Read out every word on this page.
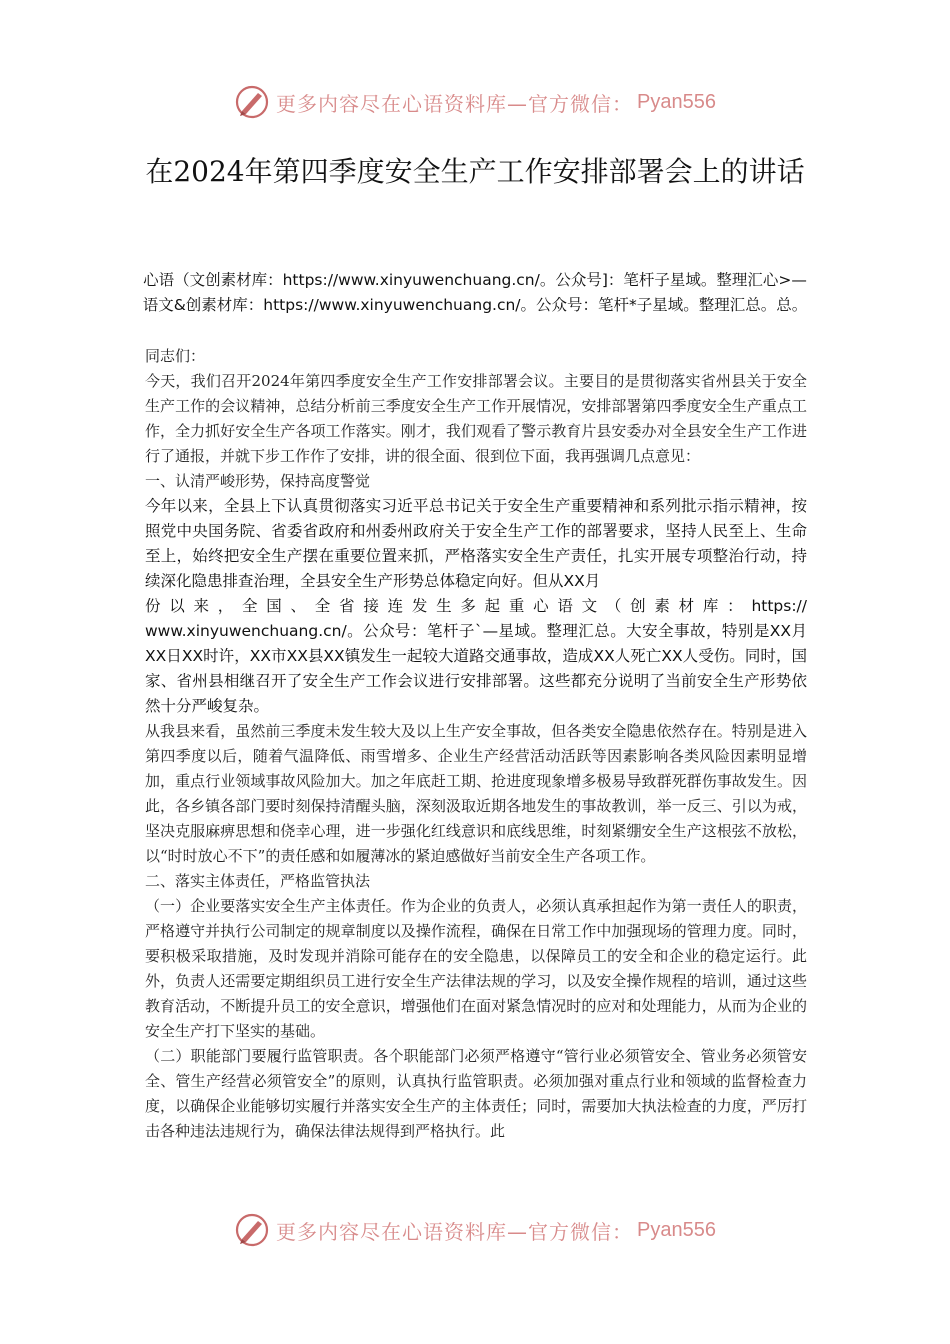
更多内容尽在心语资料库—官方微信： Pyan556
在2024年第四季度安全生产工作安排部署会上的讲话
心语（文创素材库：https://www.xinyuwenchuang.cn/。公众号]：笔杆子星域。整理汇心>—语文&创素材库：https://www.xinyuwenchuang.cn/。公众号：笔杆*子星域。整理汇总。总。

同志们：

今天，我们召开2024年第四季度安全生产工作安排部署会议。主要目的是贯彻落实省州县关于安全生产工作的会议精神，总结分析前三季度安全生产工作开展情况，安排部署第四季度安全生产重点工作，全力抓好安全生产各项工作落实。刚才，我们观看了警示教育片县安委办对全县安全生产工作进行了通报，并就下步工作作了安排，讲的很全面、很到位下面，我再强调几点意见：

一、认清严峻形势，保持高度警觉

今年以来，全县上下认真贯彻落实习近平总书记关于安全生产重要精神和系列批示指示精神，按照党中央国务院、省委省政府和州委州政府关于安全生产工作的部署要求，坚持人民至上、生命至上，始终把安全生产摆在重要位置来抓，严格落实安全生产责任，扎实开展专项整治行动，持续深化隐患排查治理，全县安全生产形势总体稳定向好。但从XX月
份以来，全国、全省接连发生多起重心语文（创素材库：https://
www.xinyuwenchuang.cn/。公众号：笔杆子`—星域。整理汇总。大安全事故，特别是XX月XX日XX时许，XX市XX县XX镇发生一起较大道路交通事故，造成XX人死亡XX人受伤。同时，国家、省州县相继召开了安全生产工作会议进行安排部署。这些都充分说明了当前安全生产形势依然十分严峻复杂。

从我县来看，虽然前三季度未发生较大及以上生产安全事故，但各类安全隐患依然存在。特别是进入第四季度以后，随着气温降低、雨雪增多、企业生产经营活动活跃等因素影响各类风险因素明显增加，重点行业领域事故风险加大。加之年底赶工期、抢进度现象增多极易导致群死群伤事故发生。因此，各乡镇各部门要时刻保持清醒头脑，深刻汲取近期各地发生的事故教训，举一反三、引以为戒，坚决克服麻痹思想和侥幸心理，进一步强化红线意识和底线思维，时刻紧绷安全生产这根弦不放松，以“时时放心不下”的责任感和如履薄冰的紧迫感做好当前安全生产各项工作。

二、落实主体责任，严格监管执法

（一）企业要落实安全生产主体责任。作为企业的负责人，必须认真承担起作为第一责任人的职责，严格遵守并执行公司制定的规章制度以及操作流程，确保在日常工作中加强现场的管理力度。同时，要积极采取措施，及时发现并消除可能存在的安全隐患，以保障员工的安全和企业的稳定运行。此外，负责人还需要定期组织员工进行安全生产法律法规的学习，以及安全操作规程的培训，通过这些教育活动，不断提升员工的安全意识，增强他们在面对紧急情况时的应对和处理能力，从而为企业的安全生产打下坚实的基础。

（二）职能部门要履行监管职责。各个职能部门必须严格遵守“管行业必须管安全、管业务必须管安全、管生产经营必须管安全”的原则，认真执行监管职责。必须加强对重点行业和领域的监督检查力度，以确保企业能够切实履行并落实安全生产的主体责任；同时，需要加大执法检查的力度，严厉打击各种违法违规行为，确保法律法规得到严格执行。此

更多内容尽在心语资料库—官方微信： Pyan556
